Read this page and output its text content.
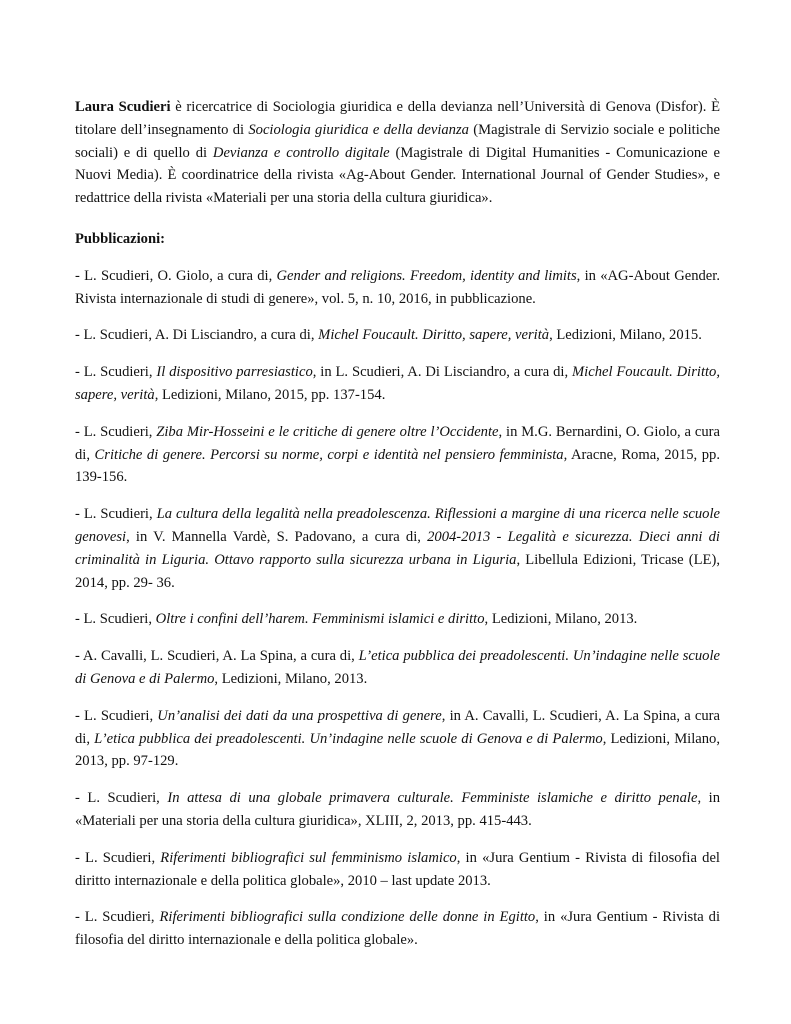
Laura Scudieri è ricercatrice di Sociologia giuridica e della devianza nell’Università di Genova (Disfor). È titolare dell’insegnamento di Sociologia giuridica e della devianza (Magistrale di Servizio sociale e politiche sociali) e di quello di Devianza e controllo digitale (Magistrale di Digital Humanities - Comunicazione e Nuovi Media). È coordinatrice della rivista «Ag-About Gender. International Journal of Gender Studies», e redattrice della rivista «Materiali per una storia della cultura giuridica».

Pubblicazioni:

- L. Scudieri, O. Giolo, a cura di, Gender and religions. Freedom, identity and limits, in «AG-About Gender. Rivista internazionale di studi di genere», vol. 5, n. 10, 2016, in pubblicazione.

- L. Scudieri, A. Di Lisciandro, a cura di, Michel Foucault. Diritto, sapere, verità, Ledizioni, Milano, 2015.

- L. Scudieri, Il dispositivo parresiastico, in L. Scudieri, A. Di Lisciandro, a cura di, Michel Foucault. Diritto, sapere, verità, Ledizioni, Milano, 2015, pp. 137-154.

- L. Scudieri, Ziba Mir-Hosseini e le critiche di genere oltre l’Occidente, in M.G. Bernardini, O. Giolo, a cura di, Critiche di genere. Percorsi su norme, corpi e identità nel pensiero femminista, Aracne, Roma, 2015, pp. 139-156.

- L. Scudieri, La cultura della legalità nella preadolescenza. Riflessioni a margine di una ricerca nelle scuole genovesi, in V. Mannella Vardè, S. Padovano, a cura di, 2004-2013 - Legalità e sicurezza. Dieci anni di criminalità in Liguria. Ottavo rapporto sulla sicurezza urbana in Liguria, Libellula Edizioni, Tricase (LE), 2014, pp. 29- 36.

- L. Scudieri, Oltre i confini dell’harem. Femminismi islamici e diritto, Ledizioni, Milano, 2013.

- A. Cavalli, L. Scudieri, A. La Spina, a cura di, L’etica pubblica dei preadolescenti. Un’indagine nelle scuole di Genova e di Palermo, Ledizioni, Milano, 2013.

- L. Scudieri, Un’analisi dei dati da una prospettiva di genere, in A. Cavalli, L. Scudieri, A. La Spina, a cura di, L’etica pubblica dei preadolescenti. Un’indagine nelle scuole di Genova e di Palermo, Ledizioni, Milano, 2013, pp. 97-129.

- L. Scudieri, In attesa di una globale primavera culturale. Femministe islamiche e diritto penale, in «Materiali per una storia della cultura giuridica», XLIII, 2, 2013, pp. 415-443.

- L. Scudieri, Riferimenti bibliografici sul femminismo islamico, in «Jura Gentium - Rivista di filosofia del diritto internazionale e della politica globale», 2010 – last update 2013.

- L. Scudieri, Riferimenti bibliografici sulla condizione delle donne in Egitto, in «Jura Gentium - Rivista di filosofia del diritto internazionale e della politica globale».
